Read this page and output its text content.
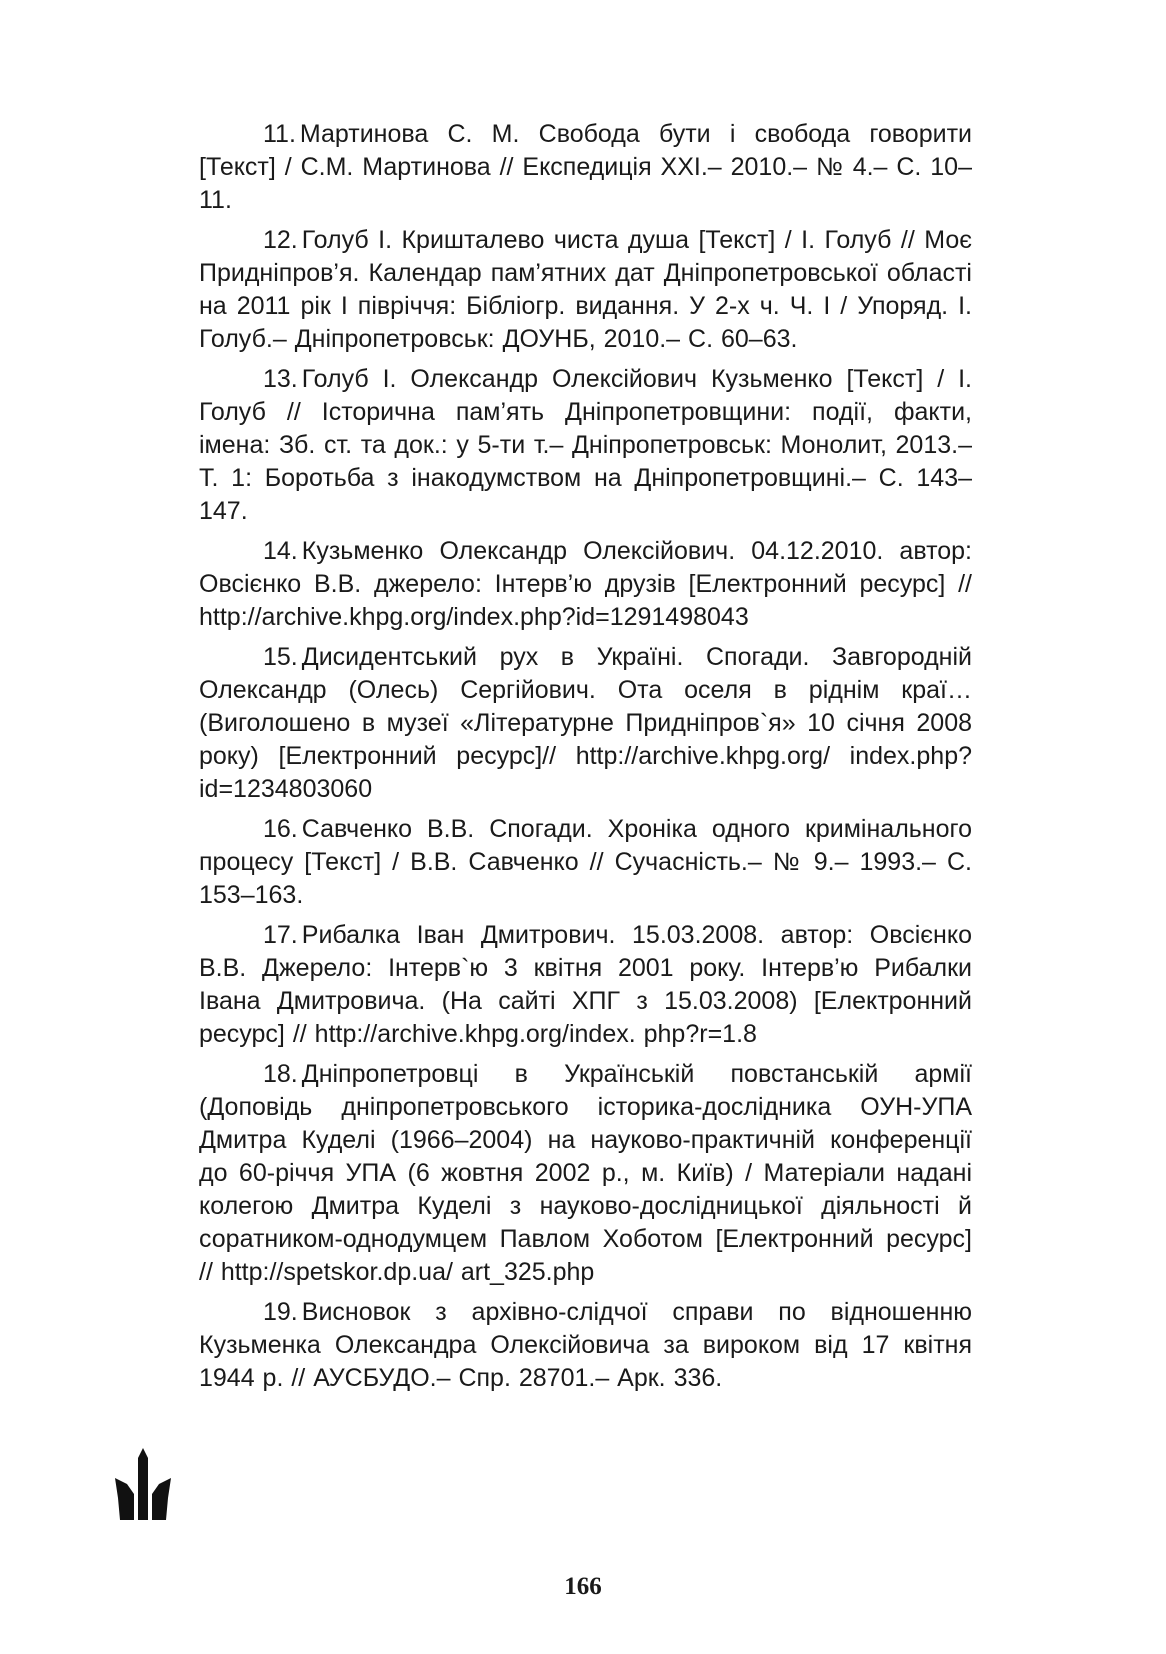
11. Мартинова С. М. Свобода бути і свобода говорити [Текст] / С.М. Мартинова // Експедиція ХХІ.– 2010.– № 4.– С. 10–11.

12. Голуб І. Кришталево чиста душа [Текст] / І. Голуб // Моє Придніпров’я. Календар пам’ятних дат Дніпропетровської області на 2011 рік І півріччя: Бібліогр. видання. У 2-х ч. Ч. І / Упоряд. І. Голуб.– Дніпропетровськ: ДОУНБ, 2010.– С. 60–63.

13. Голуб І. Олександр Олексійович Кузьменко [Текст] / І. Голуб // Історична пам’ять Дніпропетровщини: події, факти, імена: Зб. ст. та док.: у 5-ти т.– Дніпропетровськ: Монолит, 2013.– Т. 1: Боротьба з інакодумством на Дніпропетровщині.– С. 143–147.

14. Кузьменко Олександр Олексійович. 04.12.2010. автор: Овсієнко В.В. джерело: Інтерв’ю друзів [Електронний ресурс] // http://archive.khpg.org/index.php?id=1291498043

15. Дисидентський рух в Україні. Спогади. Завгородній Олександр (Олесь) Сергійович. Ота оселя в ріднім краї… (Виголошено в музеї «Літературне Придніпров`я» 10 січня 2008 року) [Електронний ресурс]// http://archive.khpg.org/ index.php?id=1234803060

16. Савченко В.В. Спогади. Хроніка одного кримінального процесу [Текст] / В.В. Савченко // Сучасність.– № 9.– 1993.– С. 153–163.

17. Рибалка Іван Дмитрович. 15.03.2008. автор: Овсієнко В.В. Джерело: Інтерв`ю 3 квітня 2001 року. Інтерв’ю Рибалки Івана Дмитровича. (На сайті ХПГ з 15.03.2008) [Електронний ресурс] // http://archive.khpg.org/index. php?r=1.8

18. Дніпропетровці в Українській повстанській армії (Доповідь дніпропетровського історика-дослідника ОУН-УПА Дмитра Куделі (1966–2004) на науково-практичній конференції до 60-річчя УПА (6 жовтня 2002 р., м. Київ) / Матеріали надані колегою Дмитра Куделі з науково-дослідницької діяльності й соратником-однодумцем Павлом Хоботом [Електронний ресурс] // http://spetskor.dp.ua/ art_325.php

19. Висновок з архівно-слідчої справи по відношенню Кузьменка Олександра Олексійовича за вироком від 17 квітня 1944 р. // АУСБУДО.– Спр. 28701.– Арк. 336.

166
